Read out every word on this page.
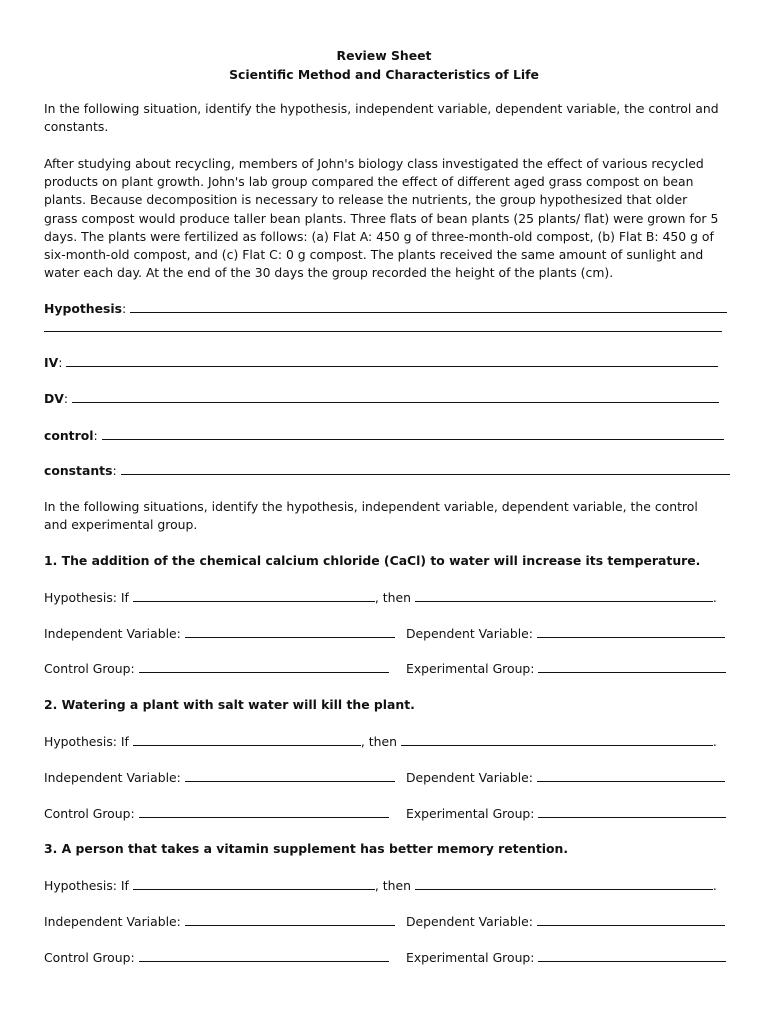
Review Sheet
Scientific Method and Characteristics of Life

In the following situation, identify the hypothesis, independent variable, dependent variable, the control and constants.

After studying about recycling, members of John's biology class investigated the effect of various recycled products on plant growth. John's lab group compared the effect of different aged grass compost on bean plants. Because decomposition is necessary to release the nutrients, the group hypothesized that older grass compost would produce taller bean plants. Three flats of bean plants (25 plants/ flat) were grown for 5 days. The plants were fertilized as follows: (a) Flat A: 450 g of three-month-old compost, (b) Flat B: 450 g of six-month-old compost, and (c) Flat C: 0 g compost. The plants received the same amount of sunlight and water each day. At the end of the 30 days the group recorded the height of the plants (cm).

Hypothesis:
IV:
DV:
control:
constants:

In the following situations, identify the hypothesis, independent variable, dependent variable, the control and experimental group.

1. The addition of the chemical calcium chloride (CaCl) to water will increase its temperature.
Hypothesis: If	, then	.
Independent Variable:	Dependent Variable:
Control Group:	Experimental Group:
2. Watering a plant with salt water will kill the plant.
Hypothesis: If	, then	.
Independent Variable:	Dependent Variable:
Control Group:	Experimental Group:
3. A person that takes a vitamin supplement has better memory retention.
Hypothesis: If	, then	.
Independent Variable:	Dependent Variable:
Control Group:	Experimental Group:
